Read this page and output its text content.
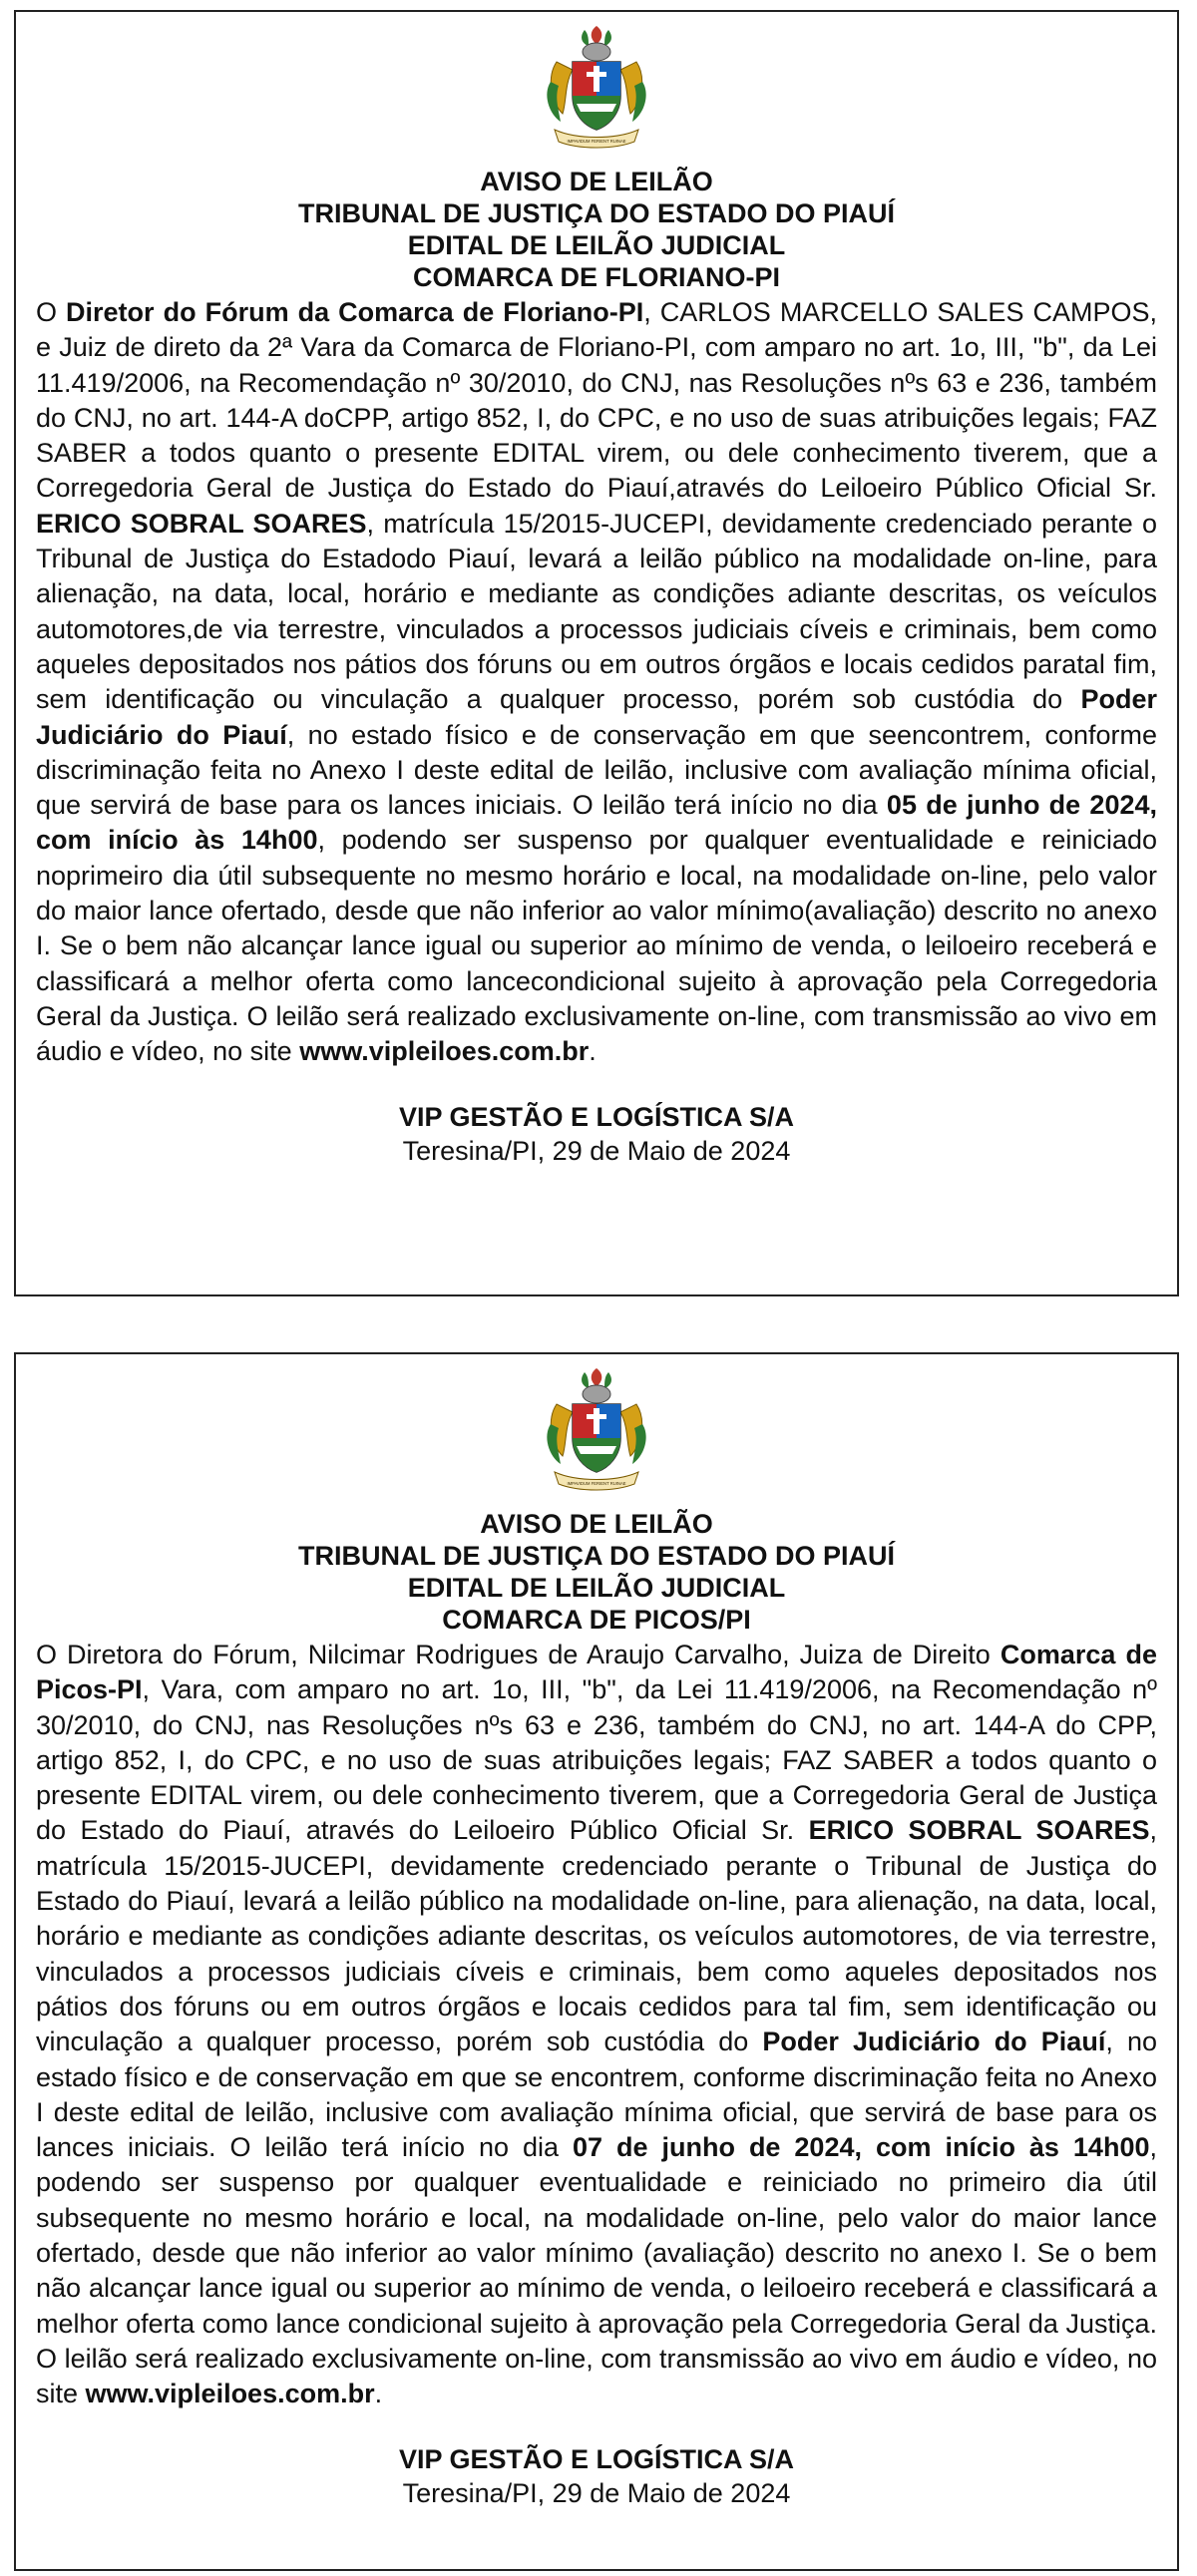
IMPAVIDUM FERIENT RUINAE
AVISO DE LEILÃO
TRIBUNAL DE JUSTIÇA DO ESTADO DO PIAUÍ
EDITAL DE LEILÃO JUDICIAL
COMARCA DE FLORIANO-PI

O Diretor do Fórum da Comarca de Floriano-PI, CARLOS MARCELLO SALES CAMPOS, e Juiz de direto da 2ª Vara da Comarca de Floriano-PI, com amparo no art. 1o, III, "b", da Lei 11.419/2006, na Recomendação nº 30/2010, do CNJ, nas Resoluções nºs 63 e 236, também do CNJ, no art. 144-A doCPP, artigo 852, I, do CPC, e no uso de suas atribuições legais; FAZ SABER a todos quanto o presente EDITAL virem, ou dele conhecimento tiverem, que a Corregedoria Geral de Justiça do Estado do Piauí,através do Leiloeiro Público Oficial Sr. ERICO SOBRAL SOARES, matrícula 15/2015-JUCEPI, devidamente credenciado perante o Tribunal de Justiça do Estadodo Piauí, levará a leilão público na modalidade on-line, para alienação, na data, local, horário e mediante as condições adiante descritas, os veículos automotores,de via terrestre, vinculados a processos judiciais cíveis e criminais, bem como aqueles depositados nos pátios dos fóruns ou em outros órgãos e locais cedidos paratal fim, sem identificação ou vinculação a qualquer processo, porém sob custódia do Poder Judiciário do Piauí, no estado físico e de conservação em que seencontrem, conforme discriminação feita no Anexo I deste edital de leilão, inclusive com avaliação mínima oficial, que servirá de base para os lances iniciais. O leilão terá início no dia 05 de junho de 2024, com início às 14h00, podendo ser suspenso por qualquer eventualidade e reiniciado noprimeiro dia útil subsequente no mesmo horário e local, na modalidade on-line, pelo valor do maior lance ofertado, desde que não inferior ao valor mínimo(avaliação) descrito no anexo I. Se o bem não alcançar lance igual ou superior ao mínimo de venda, o leiloeiro receberá e classificará a melhor oferta como lancecondicional sujeito à aprovação pela Corregedoria Geral da Justiça. O leilão será realizado exclusivamente on-line, com transmissão ao vivo em áudio e vídeo, no site www.vipleiloes.com.br.

VIP GESTÃO E LOGÍSTICA S/A
Teresina/PI, 29 de Maio de 2024
IMPAVIDUM FERIENT RUINAE
AVISO DE LEILÃO
TRIBUNAL DE JUSTIÇA DO ESTADO DO PIAUÍ
EDITAL DE LEILÃO JUDICIAL
COMARCA DE PICOS/PI

O Diretora do Fórum, Nilcimar Rodrigues de Araujo Carvalho, Juiza de Direito Comarca de Picos-PI, Vara, com amparo no art. 1o, III, "b", da Lei 11.419/2006, na Recomendação nº 30/2010, do CNJ, nas Resoluções nºs 63 e 236, também do CNJ, no art. 144-A do CPP, artigo 852, I, do CPC, e no uso de suas atribuições legais; FAZ SABER a todos quanto o presente EDITAL virem, ou dele conhecimento tiverem, que a Corregedoria Geral de Justiça do Estado do Piauí, através do Leiloeiro Público Oficial Sr. ERICO SOBRAL SOARES, matrícula 15/2015-JUCEPI, devidamente credenciado perante o Tribunal de Justiça do Estado do Piauí, levará a leilão público na modalidade on-line, para alienação, na data, local, horário e mediante as condições adiante descritas, os veículos automotores, de via terrestre, vinculados a processos judiciais cíveis e criminais, bem como aqueles depositados nos pátios dos fóruns ou em outros órgãos e locais cedidos para tal fim, sem identificação ou vinculação a qualquer processo, porém sob custódia do Poder Judiciário do Piauí, no estado físico e de conservação em que se encontrem, conforme discriminação feita no Anexo I deste edital de leilão, inclusive com avaliação mínima oficial, que servirá de base para os lances iniciais. O leilão terá início no dia 07 de junho de 2024, com início às 14h00, podendo ser suspenso por qualquer eventualidade e reiniciado no primeiro dia útil subsequente no mesmo horário e local, na modalidade on-line, pelo valor do maior lance ofertado, desde que não inferior ao valor mínimo (avaliação) descrito no anexo I. Se o bem não alcançar lance igual ou superior ao mínimo de venda, o leiloeiro receberá e classificará a melhor oferta como lance condicional sujeito à aprovação pela Corregedoria Geral da Justiça. O leilão será realizado exclusivamente on-line, com transmissão ao vivo em áudio e vídeo, no site www.vipleiloes.com.br.

VIP GESTÃO E LOGÍSTICA S/A
Teresina/PI, 29 de Maio de 2024
